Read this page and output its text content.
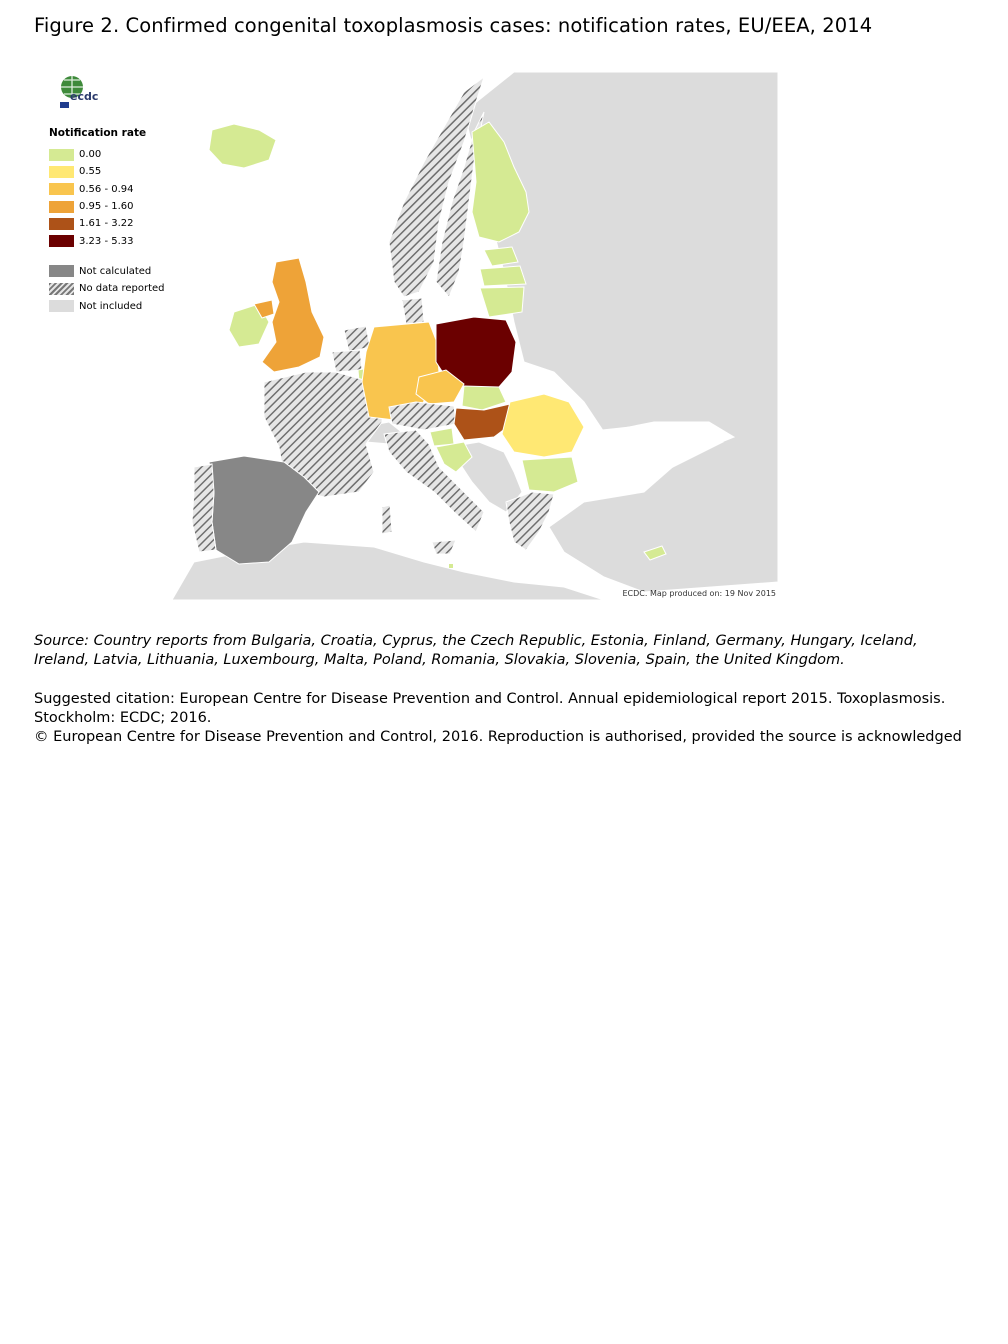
Figure 2. Confirmed congenital toxoplasmosis cases: notification rates, EU/EEA, 2014
ecdc
Notification rate
0.00
0.55
0.56 - 0.94
0.95 - 1.60
1.61 - 3.22
3.23 - 5.33
Not calculated
No data reported
Not included
ECDC. Map produced on: 19 Nov 2015
Source: Country reports from Bulgaria, Croatia, Cyprus, the Czech Republic, Estonia, Finland, Germany, Hungary, Iceland, Ireland, Latvia, Lithuania, Luxembourg, Malta, Poland, Romania, Slovakia, Slovenia, Spain, the United Kingdom.
Suggested citation: European Centre for Disease Prevention and Control. Annual epidemiological report 2015. Toxoplasmosis.
Stockholm: ECDC; 2016.
© European Centre for Disease Prevention and Control, 2016. Reproduction is authorised, provided the source is acknowledged
